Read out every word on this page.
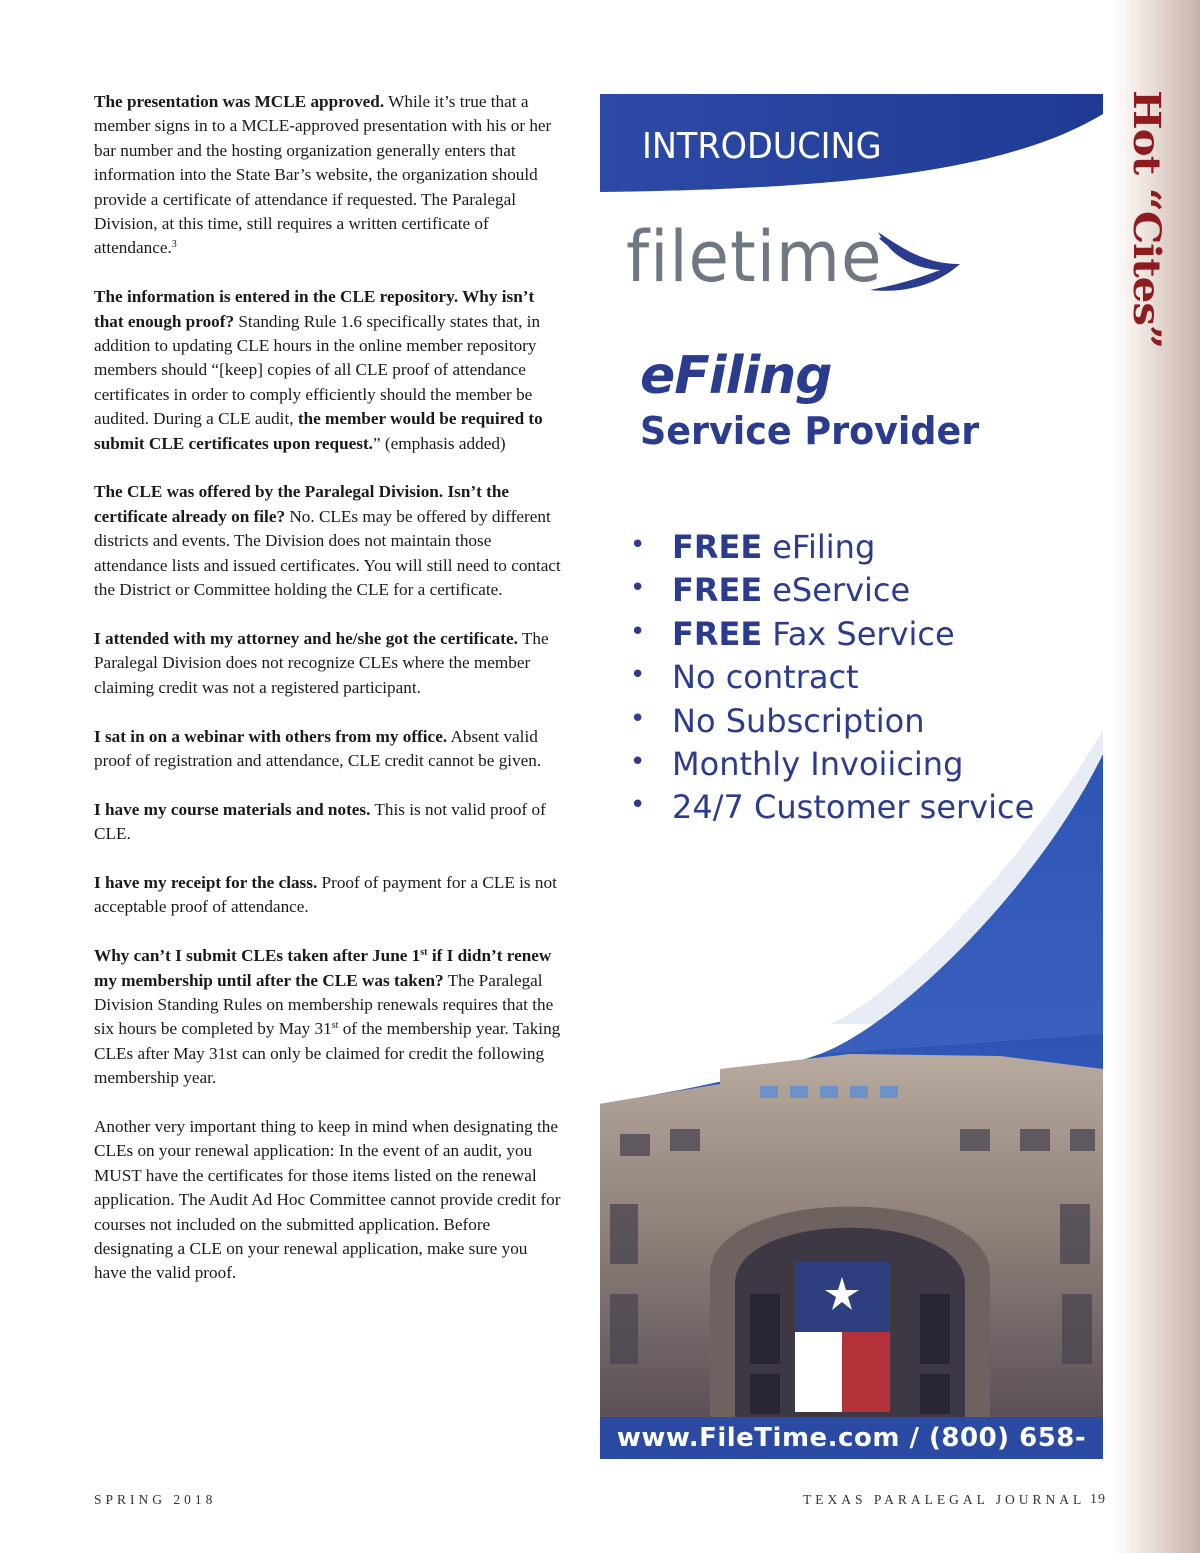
Hot “Cites”

The presentation was MCLE approved. While it’s true that a member signs in to a MCLE-approved presentation with his or her bar number and the hosting organization generally enters that information into the State Bar’s website, the organization should provide a certificate of attendance if requested. The Paralegal Division, at this time, still requires a written certificate of attendance.$^3$

The information is entered in the CLE repository. Why isn’t that enough proof? Standing Rule 1.6 specifically states that, in addition to updating CLE hours in the online member repository members should “[keep] copies of all CLE proof of attendance certificates in order to comply efficiently should the member be audited. During a CLE audit, the member would be required to submit CLE certificates upon request.” (emphasis added)

The CLE was offered by the Paralegal Division. Isn’t the certificate already on file? No. CLEs may be offered by different districts and events. The Division does not maintain those attendance lists and issued certificates. You will still need to contact the District or Committee holding the CLE for a certificate.

I attended with my attorney and he/she got the certificate. The Paralegal Division does not recognize CLEs where the member claiming credit was not a registered participant.

I sat in on a webinar with others from my office. Absent valid proof of registration and attendance, CLE credit cannot be given.

I have my course materials and notes. This is not valid proof of CLE.

I have my receipt for the class. Proof of payment for a CLE is not acceptable proof of attendance.

Why can’t I submit CLEs taken after June 1st if I didn’t renew my membership until after the CLE was taken? The Paralegal Division Standing Rules on membership renewals requires that the six hours be completed by May 31st of the membership year. Taking CLEs after May 31st can only be claimed for credit the following membership year.

Another very important thing to keep in mind when designating the CLEs on your renewal application: In the event of an audit, you MUST have the certificates for those items listed on the renewal application. The Audit Ad Hoc Committee cannot provide credit for courses not included on the submitted application. Before designating a CLE on your renewal application, make sure you have the valid proof.

INTRODUCING
filetime
eFiling
Service Provider
• FREE eFiling
• FREE eService
• FREE Fax Service
• No contract
• No Subscription
• Monthly Invoiicing
• 24/7 Customer service
www.FileTime.com / (800) 658-1233
SPRING 2018	TEXAS PARALEGAL JOURNAL 19
